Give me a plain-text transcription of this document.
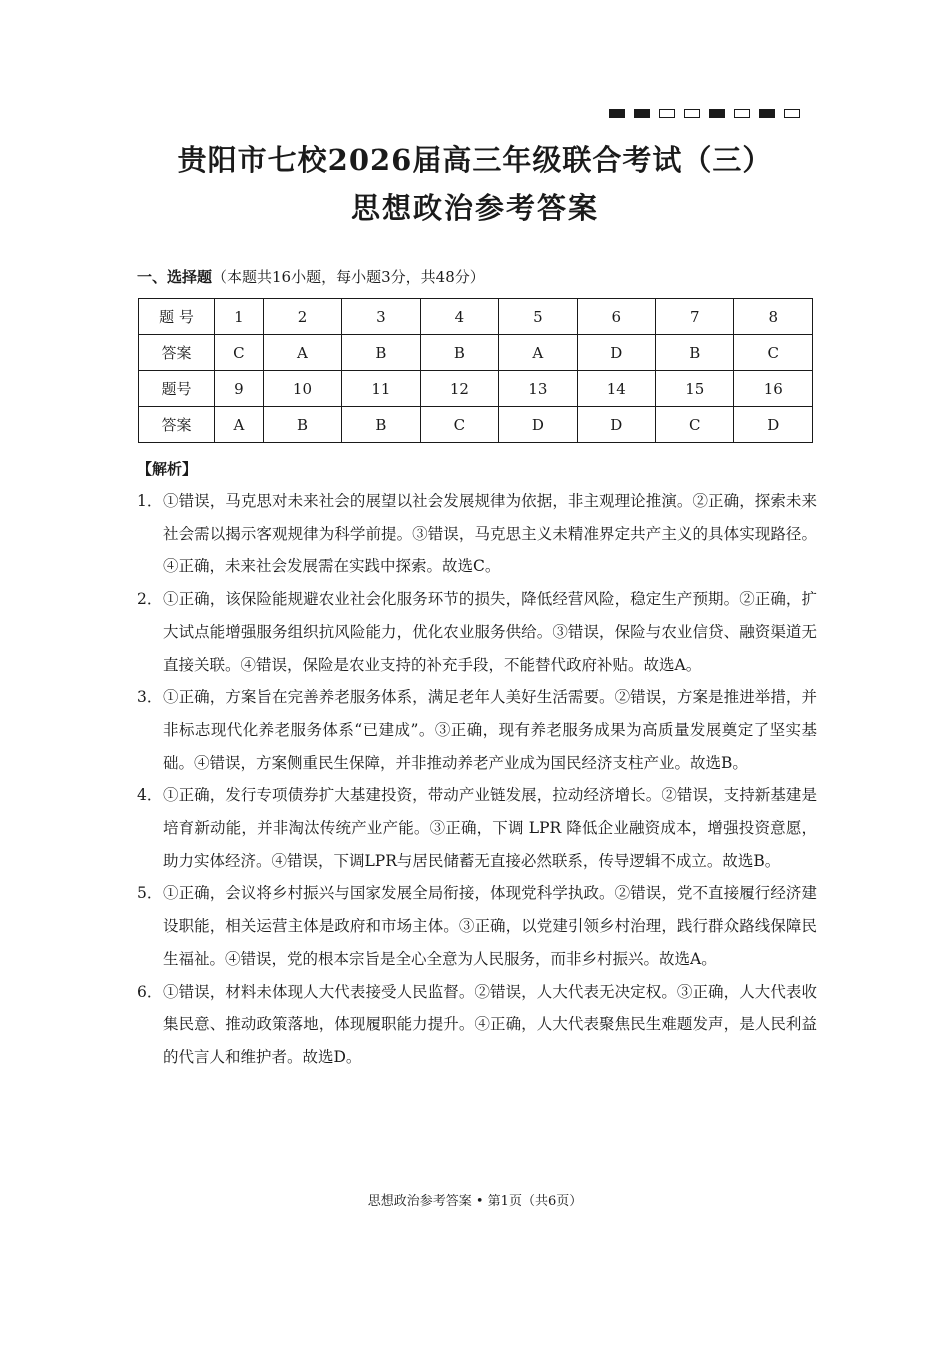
贵阳市七校2026届高三年级联合考试（三）
思想政治参考答案
一、选择题（本题共16小题，每小题3分，共48分）
题 号	1	2	3	4	5	6	7	8
答案	C	A	B	B	A	D	B	C
题号	9	10	11	12	13	14	15	16
答案	A	B	B	C	D	D	C	D
【解析】
1． ①错误，马克思对未来社会的展望以社会发展规律为依据，非主观理论推演。②正确，探索未来社会需以揭示客观规律为科学前提。③错误，马克思主义未精准界定共产主义的具体实现路径。④正确，未来社会发展需在实践中探索。故选C。
2． ①正确，该保险能规避农业社会化服务环节的损失，降低经营风险，稳定生产预期。②正确，扩大试点能增强服务组织抗风险能力，优化农业服务供给。③错误，保险与农业信贷、融资渠道无直接关联。④错误，保险是农业支持的补充手段，不能替代政府补贴。故选A。
3． ①正确，方案旨在完善养老服务体系，满足老年人美好生活需要。②错误，方案是推进举措，并非标志现代化养老服务体系“已建成”。③正确，现有养老服务成果为高质量发展奠定了坚实基础。④错误，方案侧重民生保障，并非推动养老产业成为国民经济支柱产业。故选B。
4． ①正确，发行专项债券扩大基建投资，带动产业链发展，拉动经济增长。②错误，支持新基建是培育新动能，并非淘汰传统产业产能。③正确，下调 LPR 降低企业融资成本，增强投资意愿，助力实体经济。④错误，下调LPR与居民储蓄无直接必然联系，传导逻辑不成立。故选B。
5． ①正确，会议将乡村振兴与国家发展全局衔接，体现党科学执政。②错误，党不直接履行经济建设职能，相关运营主体是政府和市场主体。③正确，以党建引领乡村治理，践行群众路线保障民生福祉。④错误，党的根本宗旨是全心全意为人民服务，而非乡村振兴。故选A。
6． ①错误，材料未体现人大代表接受人民监督。②错误，人大代表无决定权。③正确，人大代表收集民意、推动政策落地，体现履职能力提升。④正确，人大代表聚焦民生难题发声，是人民利益的代言人和维护者。故选D。
思想政治参考答案 • 第1页（共6页）
